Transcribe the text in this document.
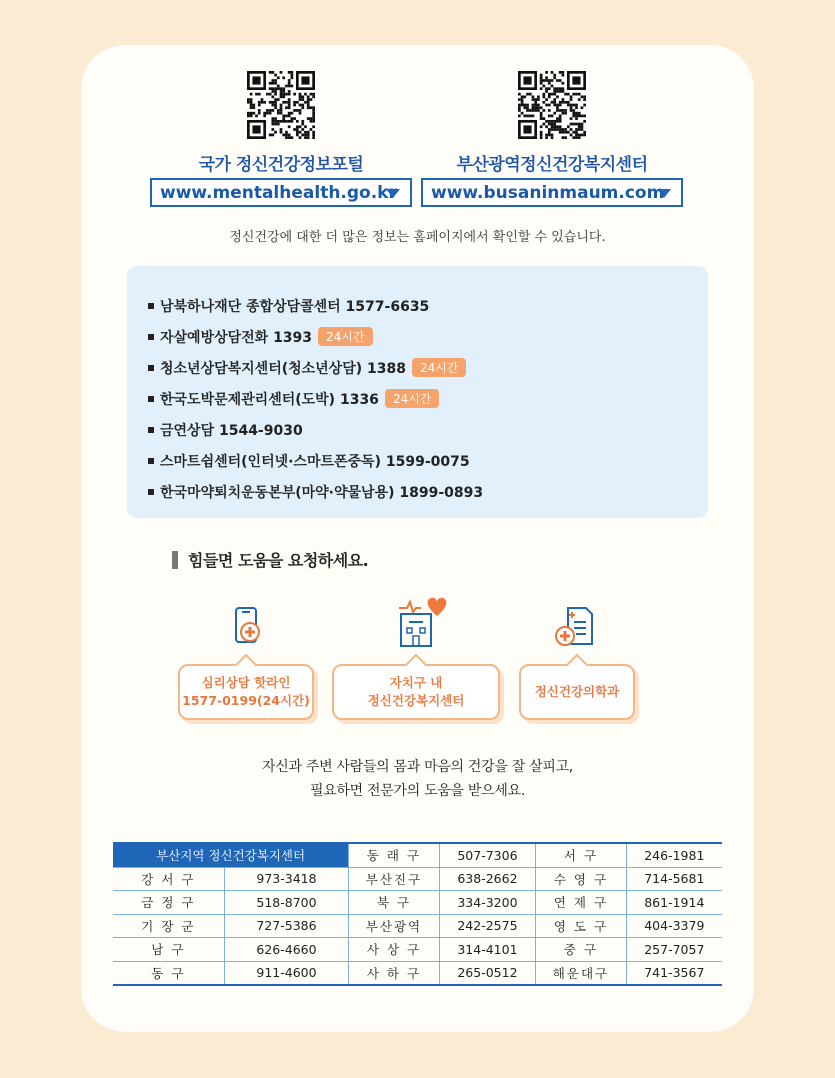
국가 정신건강정보포털	부산광역정신건강복지센터
www.mentalhealth.go.kr www.busaninmaum.com
정신건강에 대한 더 많은 정보는 홈페이지에서 확인할 수 있습니다.
남북하나재단 종합상담콜센터 1577-6635
자살예방상담전화 1393	24시간
청소년상담복지센터(청소년상담) 1388	24시간
한국도박문제관리센터(도박) 1336	24시간
금연상담 1544-9030
스마트쉼센터(인터넷·스마트폰중독) 1599-0075
한국마약퇴치운동본부(마약·약물남용) 1899-0893
힘들면 도움을 요청하세요.
심리상담 핫라인
1577-0199(24시간)
자치구 내
정신건강복지센터
정신건강의학과
자신과 주변 사람들의 몸과 마음의 건강을 잘 살피고,
필요하면 전문가의 도움을 받으세요.
부산지역 정신건강복지센터		동 래 구	507-7306	서 구	246-1981
강 서 구	973-3418	부산진구	638-2662	수 영 구	714-5681
금 정 구	518-8700	북 구	334-3200	연 제 구	861-1914
기 장 군	727-5386	부산광역	242-2575	영 도 구	404-3379
남 구	626-4660	사 상 구	314-4101	중 구	257-7057
동 구	911-4600	사 하 구	265-0512	해운대구	741-3567
